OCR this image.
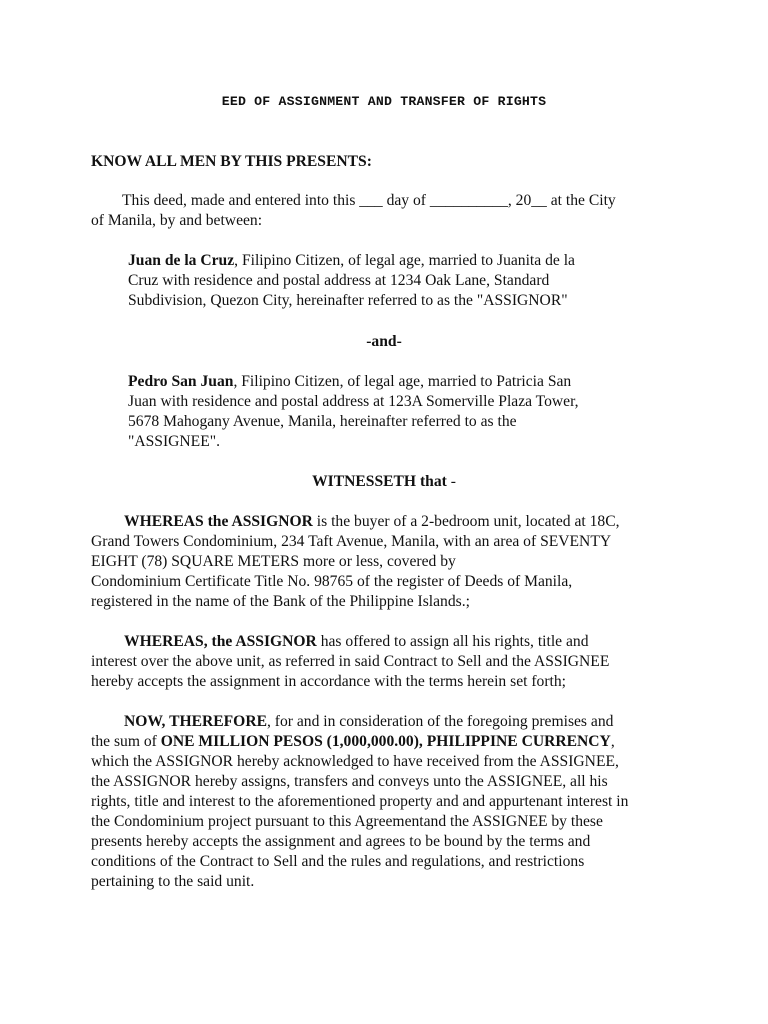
EED OF ASSIGNMENT AND TRANSFER OF RIGHTS
KNOW ALL MEN BY THIS PRESENTS:

This deed, made and entered into this ___ day of __________, 20__ at the City
of Manila, by and between:

Juan de la Cruz, Filipino Citizen, of legal age, married to Juanita de la
Cruz with residence and postal address at 1234 Oak Lane, Standard
Subdivision, Quezon City, hereinafter referred to as the "ASSIGNOR"

-and-

Pedro San Juan, Filipino Citizen, of legal age, married to Patricia San
Juan with residence and postal address at 123A Somerville Plaza Tower,
5678 Mahogany Avenue, Manila, hereinafter referred to as the
"ASSIGNEE".

WITNESSETH that -

WHEREAS the ASSIGNOR is the buyer of a 2-bedroom unit, located at 18C,
Grand Towers Condominium, 234 Taft Avenue, Manila, with an area of SEVENTY
EIGHT (78) SQUARE METERS more or less, covered by
Condominium Certificate Title No. 98765 of the register of Deeds of Manila,
registered in the name of the Bank of the Philippine Islands.;

WHEREAS, the ASSIGNOR has offered to assign all his rights, title and
interest over the above unit, as referred in said Contract to Sell and the ASSIGNEE
hereby accepts the assignment in accordance with the terms herein set forth;

NOW, THEREFORE, for and in consideration of the foregoing premises and
the sum of ONE MILLION PESOS (1,000,000.00), PHILIPPINE CURRENCY,
which the ASSIGNOR hereby acknowledged to have received from the ASSIGNEE,
the ASSIGNOR hereby assigns, transfers and conveys unto the ASSIGNEE, all his
rights, title and interest to the aforementioned property and and appurtenant interest in
the Condominium project pursuant to this Agreementand the ASSIGNEE by these
presents hereby accepts the assignment and agrees to be bound by the terms and
conditions of the Contract to Sell and the rules and regulations, and restrictions
pertaining to the said unit.
